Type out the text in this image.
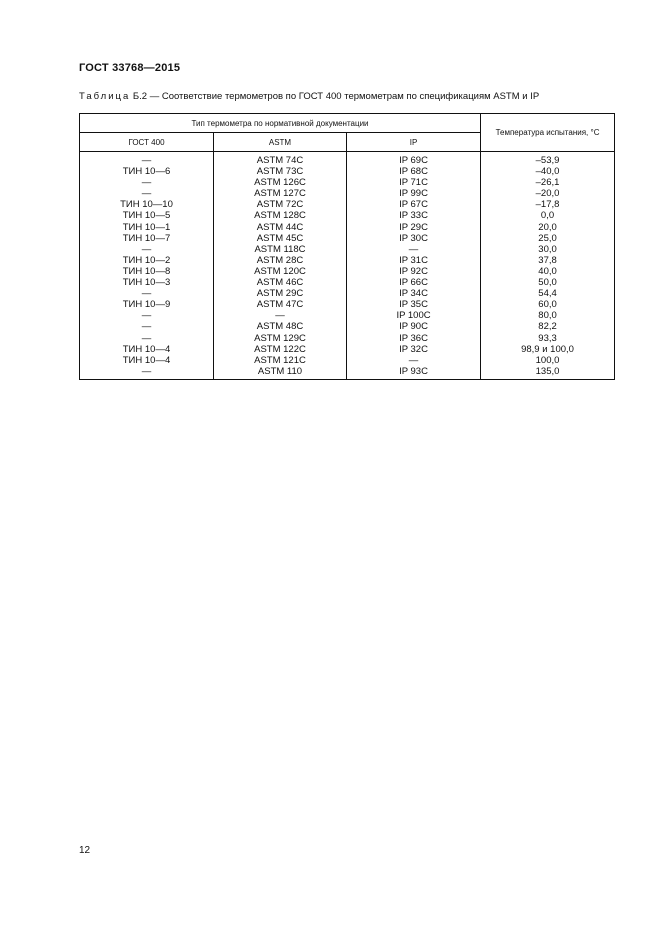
ГОСТ 33768—2015
Таблица Б.2 — Соответствие термометров по ГОСТ 400 термометрам по спецификациям ASTM и IP
Тип термометра по нормативной документации			Температура испытания, °С
ГОСТ 400	ASTM	IP	
—	ASTM 74C	IP 69C	–53,9
ТИН 10—6	ASTM 73C	IP 68C	–40,0
—	ASTM 126C	IP 71C	–26,1
—	ASTM 127C	IP 99C	–20,0
ТИН 10—10	ASTM 72C	IP 67C	–17,8
ТИН 10—5	ASTM 128C	IP 33C	0,0
ТИН 10—1	ASTM 44C	IP 29C	20,0
ТИН 10—7	ASTM 45C	IP 30C	25,0
—	ASTM 118C	—	30,0
ТИН 10—2	ASTM 28C	IP 31C	37,8
ТИН 10—8	ASTM 120C	IP 92C	40,0
ТИН 10—3	ASTM 46C	IP 66C	50,0
—	ASTM 29C	IP 34C	54,4
ТИН 10—9	ASTM 47C	IP 35C	60,0
—	—	IP 100C	80,0
—	ASTM 48C	IP 90C	82,2
—	ASTM 129C	IP 36C	93,3
ТИН 10—4	ASTM 122C	IP 32C	98,9 и 100,0
ТИН 10—4	ASTM 121C	—	100,0
—	ASTM 110	IP 93C	135,0
12
